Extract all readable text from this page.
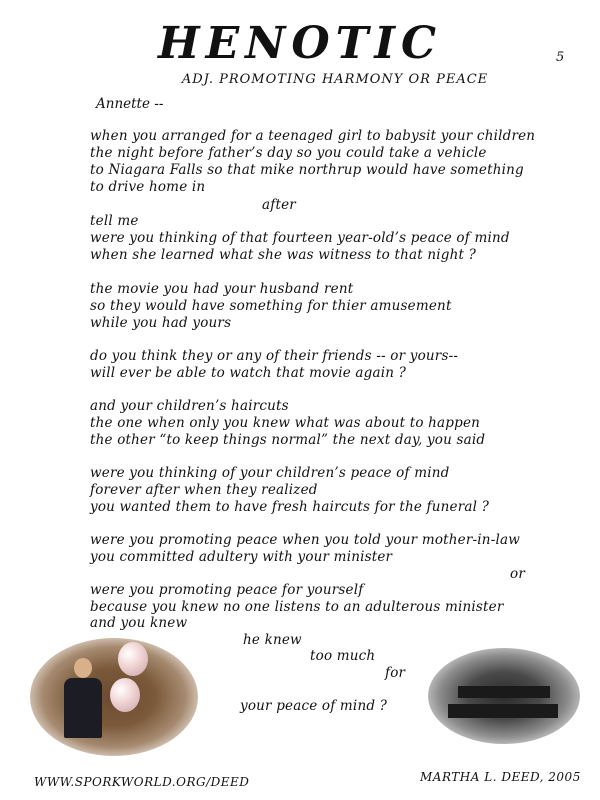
HENOTIC	5
ADJ. PROMOTING HARMONY OR PEACE
Annette --
when you arranged for a teenaged girl to babysit your children
the night before father’s day so you could take a vehicle
to Niagara Falls so that mike northrup would have something
to drive home in
after
tell me
were you thinking of that fourteen year-old’s peace of mind
when she learned what she was witness to that night ?
the movie you had your husband rent
so they would have something for thier amusement
while you had yours
do you think they or any of their friends -- or yours--
will ever be able to watch that movie again ?
and your children’s haircuts
the one when only you knew what was about to happen
the other “to keep things normal” the next day, you said
were you thinking of your children’s peace of mind
forever after when they realized
you wanted them to have fresh haircuts for the funeral ?
were you promoting peace when you told your mother-in-law
you committed adultery with your minister
or
were you promoting peace for yourself
because you knew no one listens to an adulterous minister
and you knew
he knew
too much
for
your peace of mind ?
WWW.SPORKWORLD.ORG/DEED	MARTHA L. DEED, 2005
